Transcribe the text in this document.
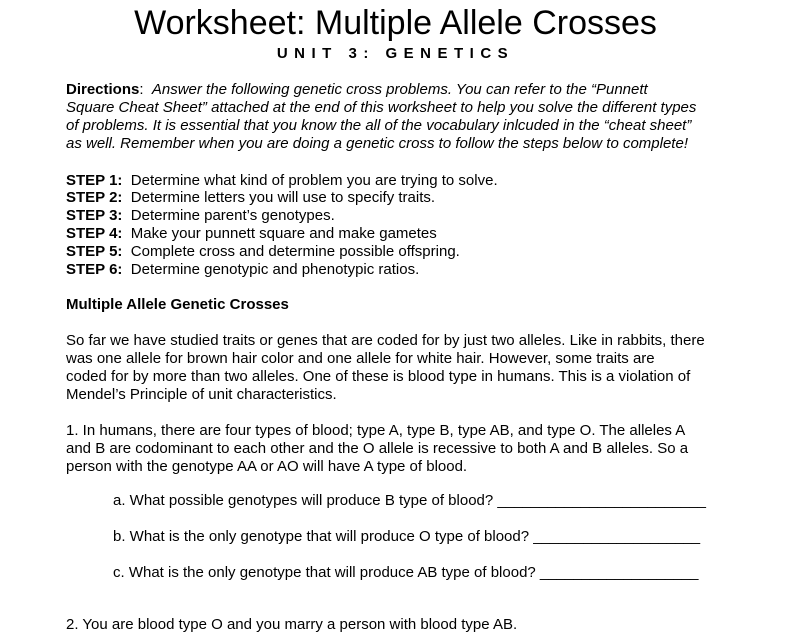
Worksheet: Multiple Allele Crosses
UNIT 3: GENETICS
Directions: Answer the following genetic cross problems. You can refer to the “Punnett
Square Cheat Sheet” attached at the end of this worksheet to help you solve the different types
of problems. It is essential that you know the all of the vocabulary inlcuded in the “cheat sheet”
as well. Remember when you are doing a genetic cross to follow the steps below to complete!
STEP 1: Determine what kind of problem you are trying to solve.
STEP 2: Determine letters you will use to specify traits.
STEP 3: Determine parent’s genotypes.
STEP 4: Make your punnett square and make gametes
STEP 5: Complete cross and determine possible offspring.
STEP 6: Determine genotypic and phenotypic ratios.
Multiple Allele Genetic Crosses
So far we have studied traits or genes that are coded for by just two alleles. Like in rabbits, there
was one allele for brown hair color and one allele for white hair. However, some traits are
coded for by more than two alleles. One of these is blood type in humans. This is a violation of
Mendel’s Principle of unit characteristics.
1. In humans, there are four types of blood; type A, type B, type AB, and type O. The alleles A
and B are codominant to each other and the O allele is recessive to both A and B alleles. So a
person with the genotype AA or AO will have A type of blood.
a. What possible genotypes will produce B type of blood? _________________________
b. What is the only genotype that will produce O type of blood? ____________________
c. What is the only genotype that will produce AB type of blood? ___________________
2. You are blood type O and you marry a person with blood type AB.
